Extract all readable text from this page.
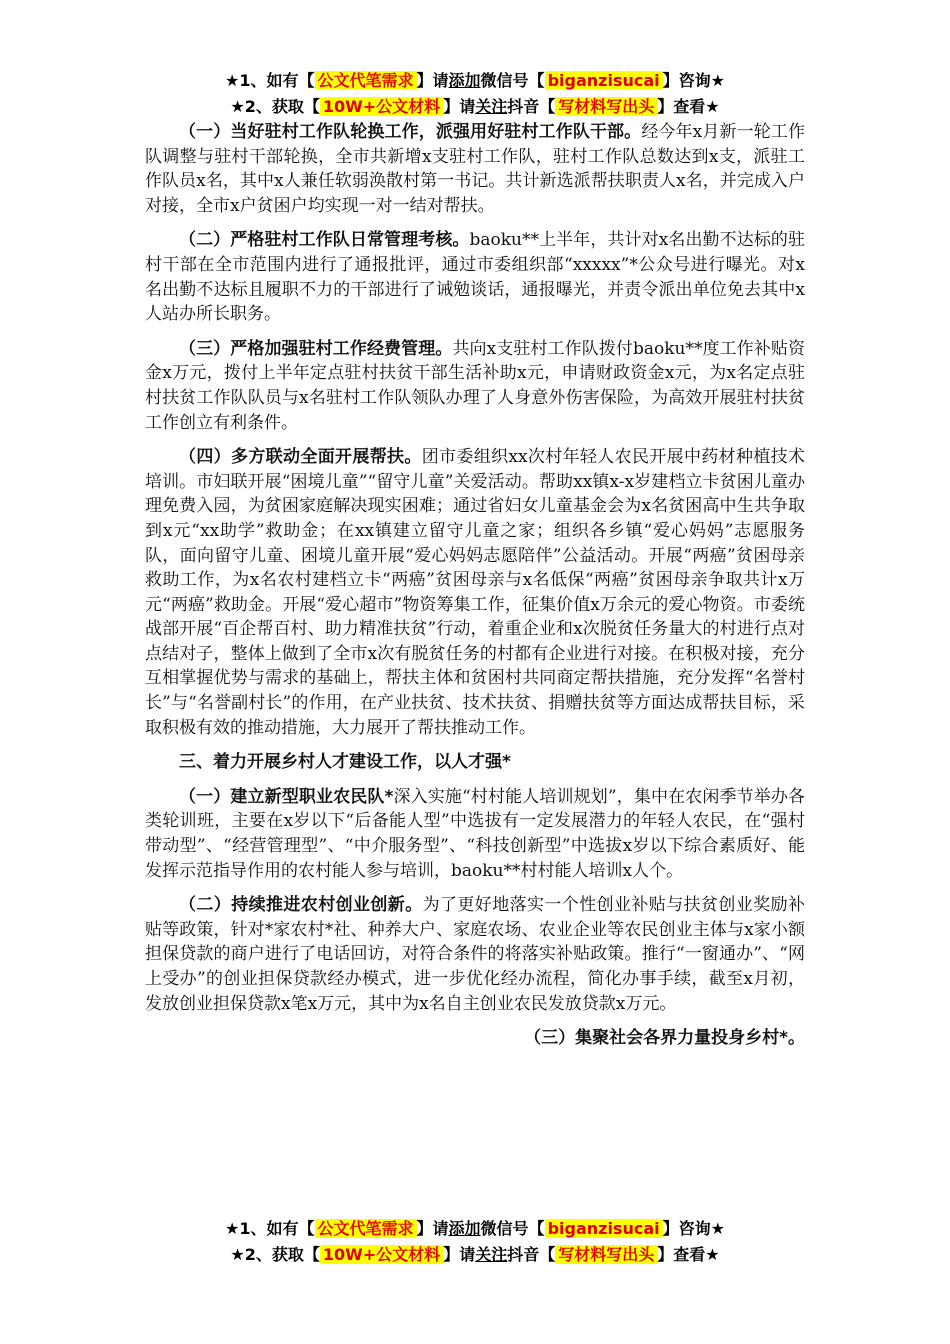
★1、如有【 公文代笔需求 】请添加微信号【 biganzisucai 】咨询★
★2、获取【 10W+公文材料 】请关注抖音【 写材料写出头 】查看★

（一）当好驻村工作队轮换工作，派强用好驻村工作队干部。经今年x月新一轮工作队调整与驻村干部轮换，全市共新增x支驻村工作队，驻村工作队总数达到x支，派驻工作队员x名，其中x人兼任软弱涣散村第一书记。共计新选派帮扶职责人x名，并完成入户对接，全市x户贫困户均实现一对一结对帮扶。

（二）严格驻村工作队日常管理考核。baoku**上半年，共计对x名出勤不达标的驻村干部在全市范围内进行了通报批评，通过市委组织部“xxxxx”*公众号进行曝光。对x名出勤不达标且履职不力的干部进行了诫勉谈话，通报曝光，并责令派出单位免去其中x人站办所长职务。

（三）严格加强驻村工作经费管理。共向x支驻村工作队拨付baoku**度工作补贴资金x万元，拨付上半年定点驻村扶贫干部生活补助x元，申请财政资金x元，为x名定点驻村扶贫工作队队员与x名驻村工作队领队办理了人身意外伤害保险，为高效开展驻村扶贫工作创立有利条件。

（四）多方联动全面开展帮扶。团市委组织xx次村年轻人农民开展中药材种植技术培训。市妇联开展“困境儿童”“留守儿童”关爱活动。帮助xx镇x-x岁建档立卡贫困儿童办理免费入园，为贫困家庭解决现实困难；通过省妇女儿童基金会为x名贫困高中生共争取到x元“xx助学”救助金；在xx镇建立留守儿童之家；组织各乡镇“爱心妈妈”志愿服务队，面向留守儿童、困境儿童开展“爱心妈妈志愿陪伴”公益活动。开展“两癌”贫困母亲救助工作，为x名农村建档立卡“两癌”贫困母亲与x名低保“两癌”贫困母亲争取共计x万元“两癌”救助金。开展“爱心超市”物资筹集工作，征集价值x万余元的爱心物资。市委统战部开展“百企帮百村、助力精准扶贫”行动，着重企业和x次脱贫任务量大的村进行点对点结对子，整体上做到了全市x次有脱贫任务的村都有企业进行对接。在积极对接，充分互相掌握优势与需求的基础上，帮扶主体和贫困村共同商定帮扶措施，充分发挥“名誉村长”与“名誉副村长”的作用，在产业扶贫、技术扶贫、捐赠扶贫等方面达成帮扶目标，采取积极有效的推动措施，大力展开了帮扶推动工作。

三、着力开展乡村人才建设工作，以人才强*

（一）建立新型职业农民队*深入实施“村村能人培训规划”，集中在农闲季节举办各类轮训班，主要在x岁以下“后备能人型”中选拔有一定发展潜力的年轻人农民，在“强村带动型”、“经营管理型”、“中介服务型”、“科技创新型”中选拔x岁以下综合素质好、能发挥示范指导作用的农村能人参与培训，baoku**村村能人培训x人个。

（二）持续推进农村创业创新。为了更好地落实一个性创业补贴与扶贫创业奖励补贴等政策，针对*家农村*社、种养大户、家庭农场、农业企业等农民创业主体与x家小额担保贷款的商户进行了电话回访，对符合条件的将落实补贴政策。推行“一窗通办”、“网上受办”的创业担保贷款经办模式，进一步优化经办流程，简化办事手续，截至x月初，发放创业担保贷款x笔x万元，其中为x名自主创业农民发放贷款x万元。

（三）集聚社会各界力量投身乡村*。

★1、如有【 公文代笔需求 】请添加微信号【 biganzisucai 】咨询★
★2、获取【 10W+公文材料 】请关注抖音【 写材料写出头 】查看★
